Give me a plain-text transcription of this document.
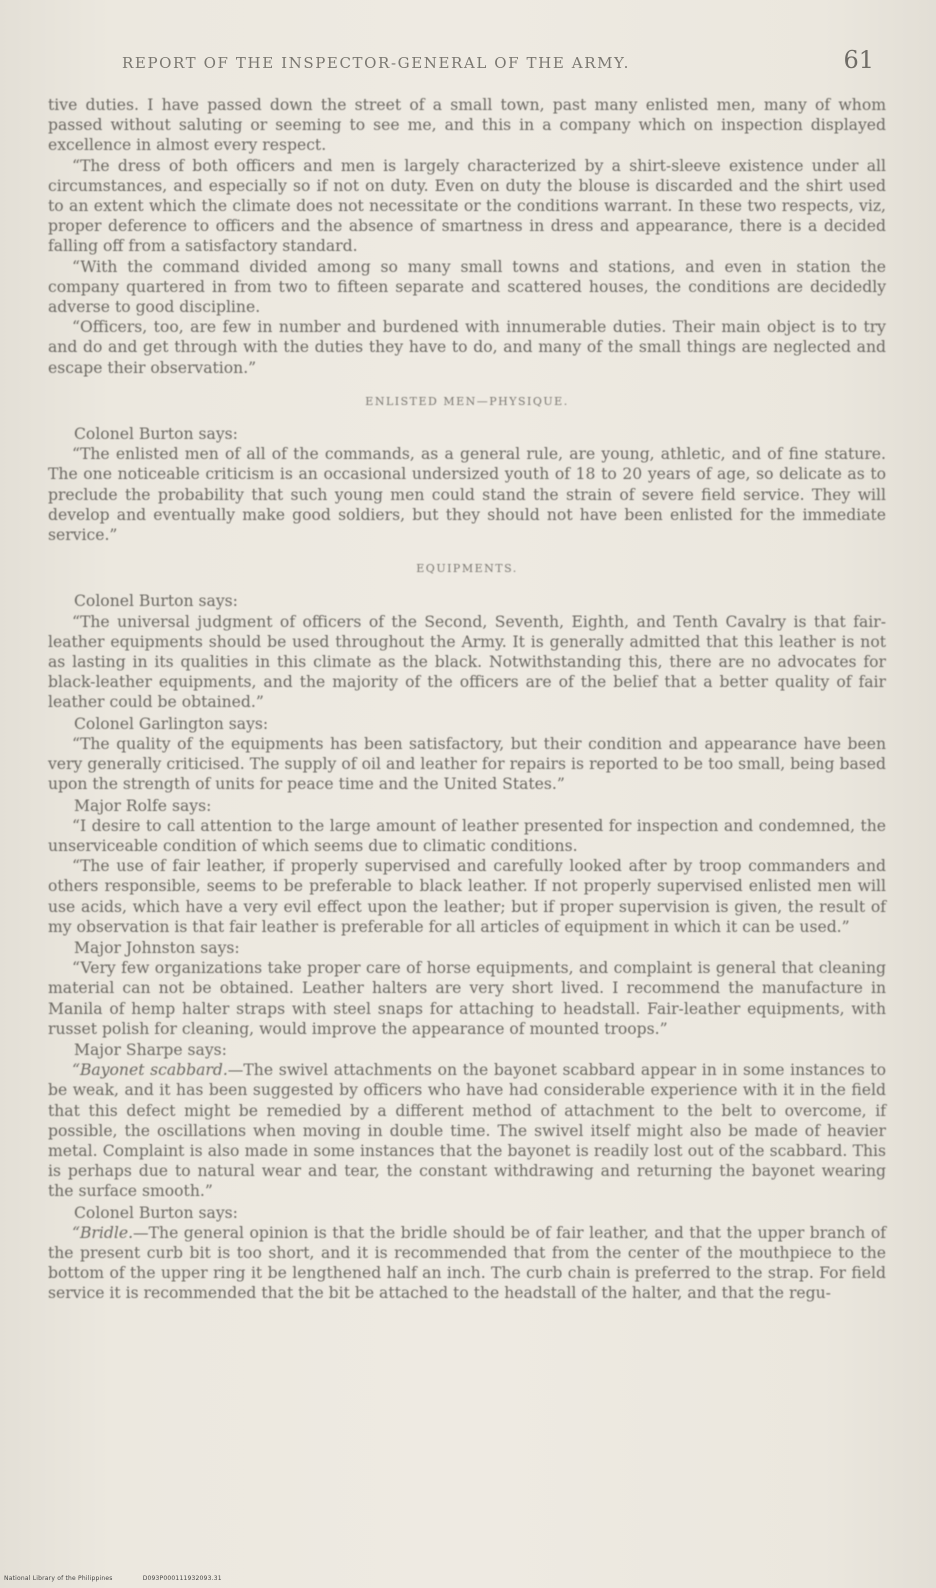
REPORT OF THE INSPECTOR-GENERAL OF THE ARMY.	61

tive duties. I have passed down the street of a small town, past many enlisted men, many of whom passed without saluting or seeming to see me, and this in a company which on inspection displayed excellence in almost every respect.

“The dress of both officers and men is largely characterized by a shirt-sleeve existence under all circumstances, and especially so if not on duty. Even on duty the blouse is discarded and the shirt used to an extent which the climate does not necessitate or the conditions warrant. In these two respects, viz, proper deference to officers and the absence of smartness in dress and appearance, there is a decided falling off from a satisfactory standard.

“With the command divided among so many small towns and stations, and even in station the company quartered in from two to fifteen separate and scattered houses, the conditions are decidedly adverse to good discipline.

“Officers, too, are few in number and burdened with innumerable duties. Their main object is to try and do and get through with the duties they have to do, and many of the small things are neglected and escape their observation.”

ENLISTED MEN—PHYSIQUE.

Colonel Burton says:

“The enlisted men of all of the commands, as a general rule, are young, athletic, and of fine stature. The one noticeable criticism is an occasional undersized youth of 18 to 20 years of age, so delicate as to preclude the probability that such young men could stand the strain of severe field service. They will develop and eventually make good soldiers, but they should not have been enlisted for the immediate service.”

EQUIPMENTS.

Colonel Burton says:

“The universal judgment of officers of the Second, Seventh, Eighth, and Tenth Cavalry is that fair-leather equipments should be used throughout the Army. It is generally admitted that this leather is not as lasting in its qualities in this climate as the black. Notwithstanding this, there are no advocates for black-leather equipments, and the majority of the officers are of the belief that a better quality of fair leather could be obtained.”

Colonel Garlington says:

“The quality of the equipments has been satisfactory, but their condition and appearance have been very generally criticised. The supply of oil and leather for repairs is reported to be too small, being based upon the strength of units for peace time and the United States.”

Major Rolfe says:

“I desire to call attention to the large amount of leather presented for inspection and condemned, the unserviceable condition of which seems due to climatic conditions.

“The use of fair leather, if properly supervised and carefully looked after by troop commanders and others responsible, seems to be preferable to black leather. If not properly supervised enlisted men will use acids, which have a very evil effect upon the leather; but if proper supervision is given, the result of my observation is that fair leather is preferable for all articles of equipment in which it can be used.”

Major Johnston says:

“Very few organizations take proper care of horse equipments, and complaint is general that cleaning material can not be obtained. Leather halters are very short lived. I recommend the manufacture in Manila of hemp halter straps with steel snaps for attaching to headstall. Fair-leather equipments, with russet polish for cleaning, would improve the appearance of mounted troops.”

Major Sharpe says:

“Bayonet scabbard.—The swivel attachments on the bayonet scabbard appear in in some instances to be weak, and it has been suggested by officers who have had considerable experience with it in the field that this defect might be remedied by a different method of attachment to the belt to overcome, if possible, the oscillations when moving in double time. The swivel itself might also be made of heavier metal. Complaint is also made in some instances that the bayonet is readily lost out of the scabbard. This is perhaps due to natural wear and tear, the constant withdrawing and returning the bayonet wearing the surface smooth.”

Colonel Burton says:

“Bridle.—The general opinion is that the bridle should be of fair leather, and that the upper branch of the present curb bit is too short, and it is recommended that from the center of the mouthpiece to the bottom of the upper ring it be lengthened half an inch. The curb chain is preferred to the strap. For field service it is recommended that the bit be attached to the headstall of the halter, and that the regu-

National Library of the Philippines	D093P000111932093.31
